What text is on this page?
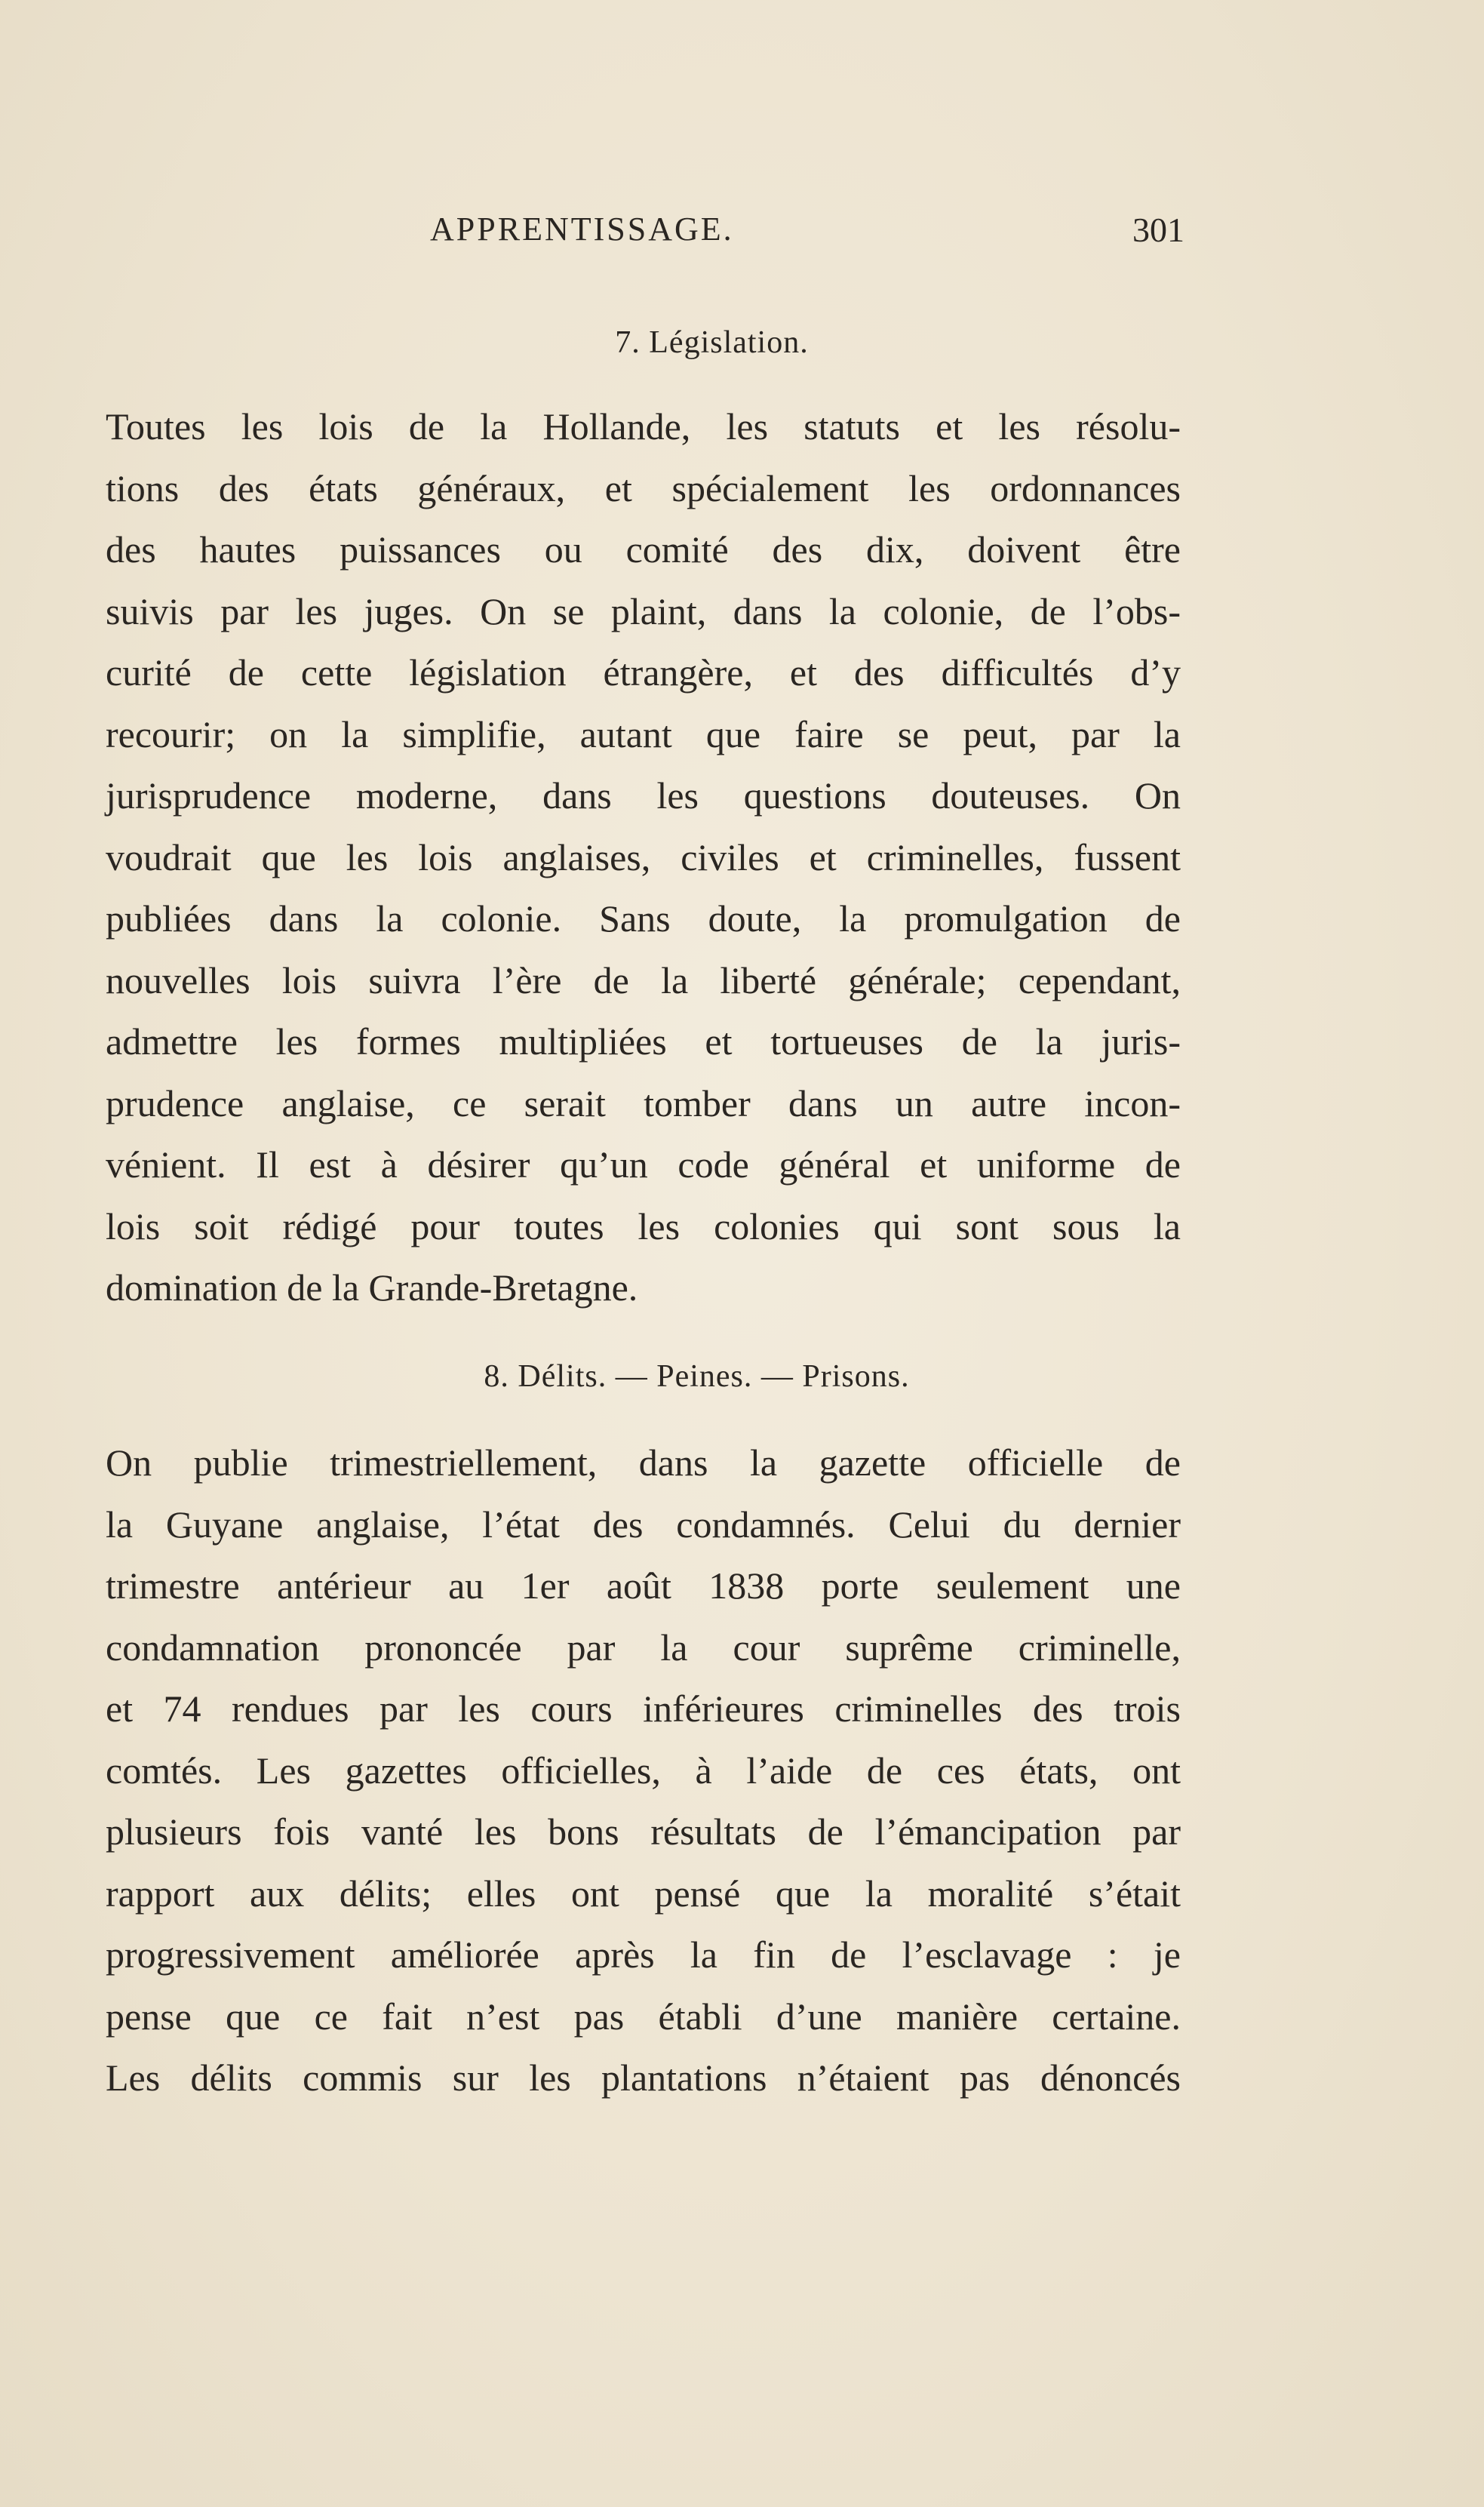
APPRENTISSAGE.	301
7. Législation.

Toutes les lois de la Hollande, les statuts et les résolu-
tions des états généraux, et spécialement les ordonnances
des hautes puissances ou comité des dix, doivent être
suivis par les juges. On se plaint, dans la colonie, de l’obs-
curité de cette législation étrangère, et des difficultés d’y
recourir; on la simplifie, autant que faire se peut, par la
jurisprudence moderne, dans les questions douteuses. On
voudrait que les lois anglaises, civiles et criminelles, fussent
publiées dans la colonie. Sans doute, la promulgation de
nouvelles lois suivra l’ère de la liberté générale; cependant,
admettre les formes multipliées et tortueuses de la juris-
prudence anglaise, ce serait tomber dans un autre incon-
vénient. Il est à désirer qu’un code général et uniforme de
lois soit rédigé pour toutes les colonies qui sont sous la
domination de la Grande-Bretagne.

8. Délits. — Peines. — Prisons.

On publie trimestriellement, dans la gazette officielle de
la Guyane anglaise, l’état des condamnés. Celui du dernier
trimestre antérieur au 1er août 1838 porte seulement une
condamnation prononcée par la cour suprême criminelle,
et 74 rendues par les cours inférieures criminelles des trois
comtés. Les gazettes officielles, à l’aide de ces états, ont
plusieurs fois vanté les bons résultats de l’émancipation par
rapport aux délits; elles ont pensé que la moralité s’était
progressivement améliorée après la fin de l’esclavage : je
pense que ce fait n’est pas établi d’une manière certaine.
Les délits commis sur les plantations n’étaient pas dénoncés
